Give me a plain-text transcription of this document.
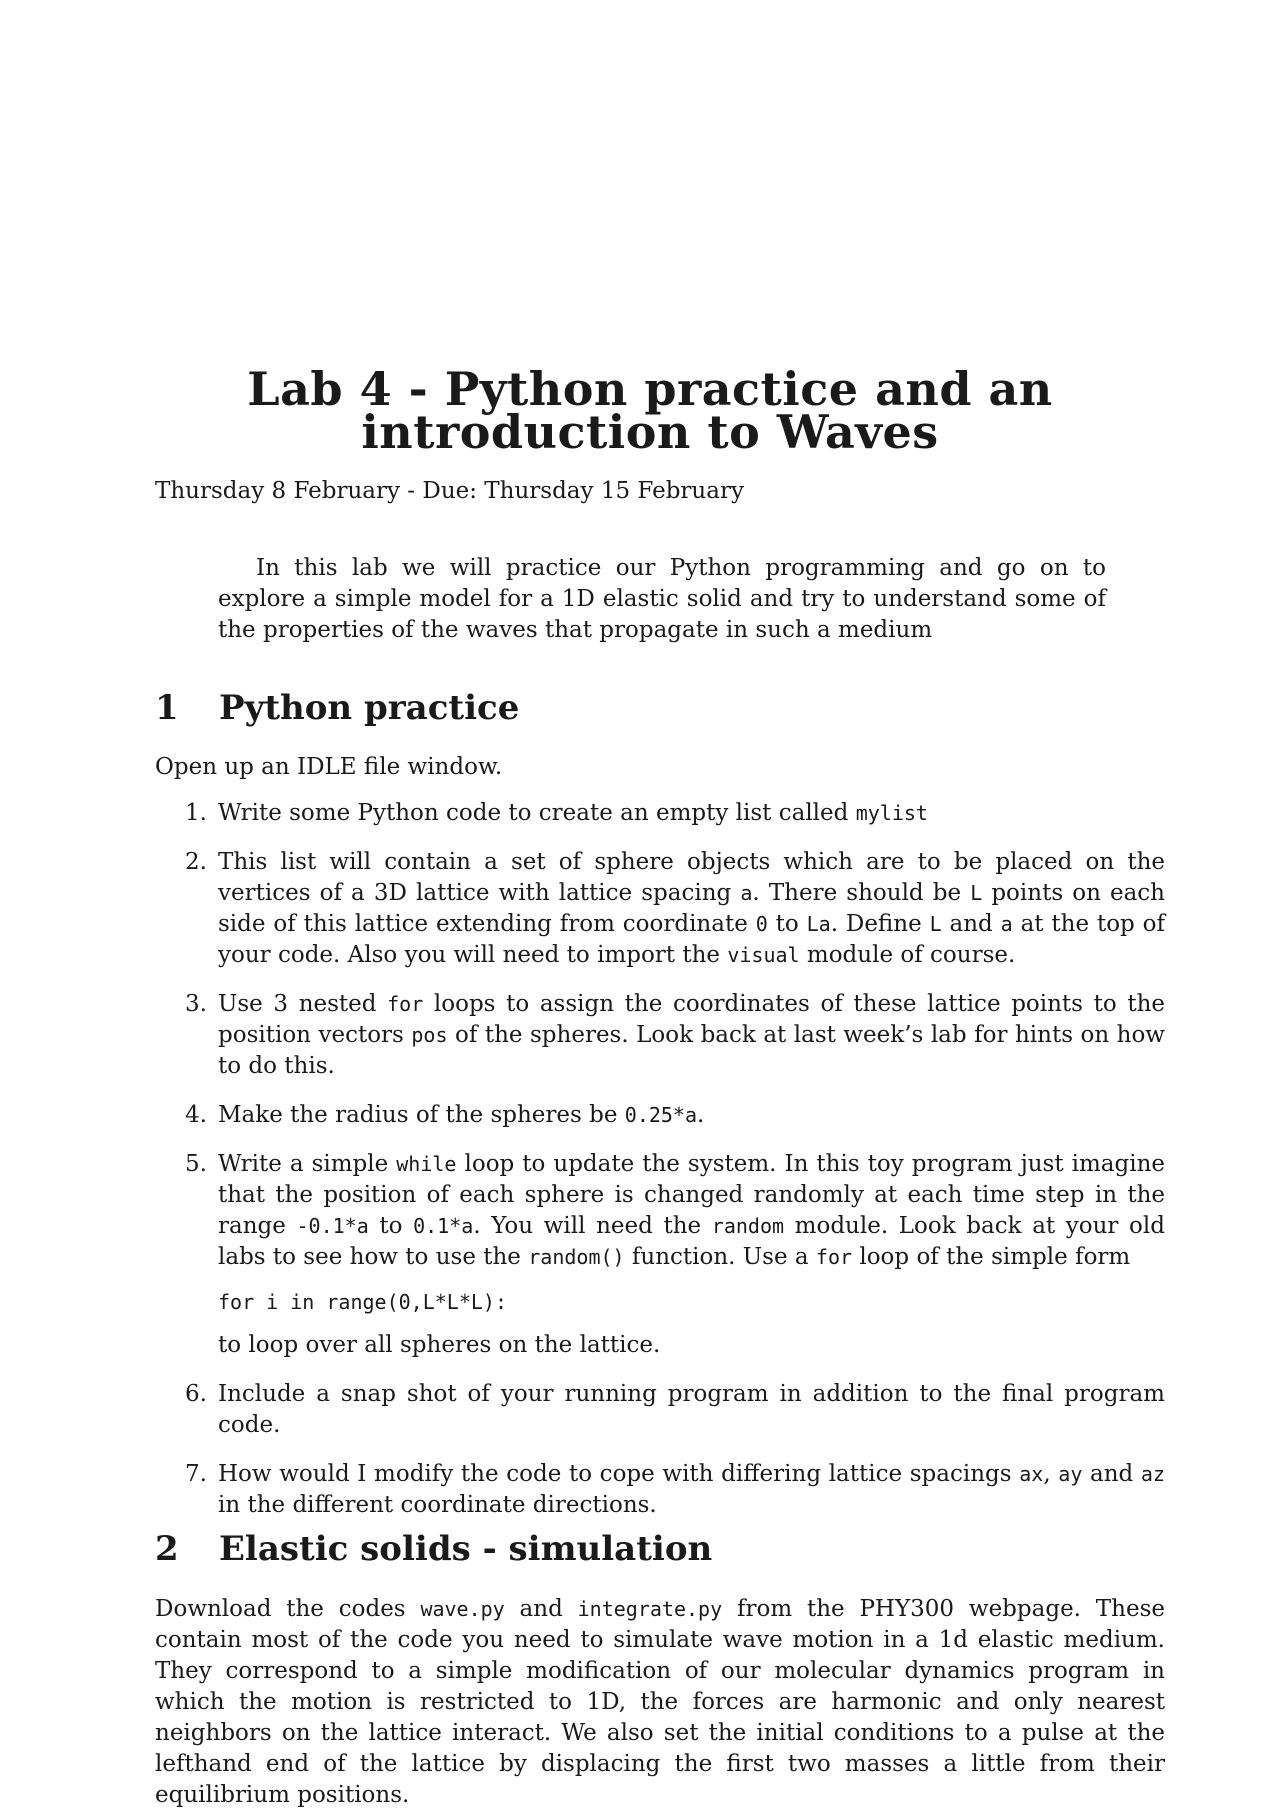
Lab 4 - Python practice and an introduction to Waves
Thursday 8 February - Due: Thursday 15 February
In this lab we will practice our Python programming and go on to explore a simple model for a 1D elastic solid and try to understand some of the properties of the waves that propagate in such a medium
1 Python practice
Open up an IDLE file window.
1. Write some Python code to create an empty list called mylist
2. This list will contain a set of sphere objects which are to be placed on the vertices of a 3D lattice with lattice spacing a. There should be L points on each side of this lattice extending from coordinate 0 to La. Define L and a at the top of your code. Also you will need to import the visual module of course.
3. Use 3 nested for loops to assign the coordinates of these lattice points to the position vectors pos of the spheres. Look back at last week’s lab for hints on how to do this.
4. Make the radius of the spheres be 0.25*a.
5. Write a simple while loop to update the system. In this toy program just imagine that the position of each sphere is changed randomly at each time step in the range -0.1*a to 0.1*a. You will need the random module. Look back at your old labs to see how to use the random() function. Use a for loop of the simple form
for i in range(0,L*L*L):
to loop over all spheres on the lattice.
6. Include a snap shot of your running program in addition to the final program code.
7. How would I modify the code to cope with differing lattice spacings ax, ay and az in the different coordinate directions.
2 Elastic solids - simulation
Download the codes wave.py and integrate.py from the PHY300 webpage. These contain most of the code you need to simulate wave motion in a 1d elastic medium. They correspond to a simple modification of our molecular dynamics program in which the motion is restricted to 1D, the forces are harmonic and only nearest neighbors on the lattice interact. We also set the initial conditions to a pulse at the lefthand end of the lattice by displacing the first two masses a little from their equilibrium positions.
